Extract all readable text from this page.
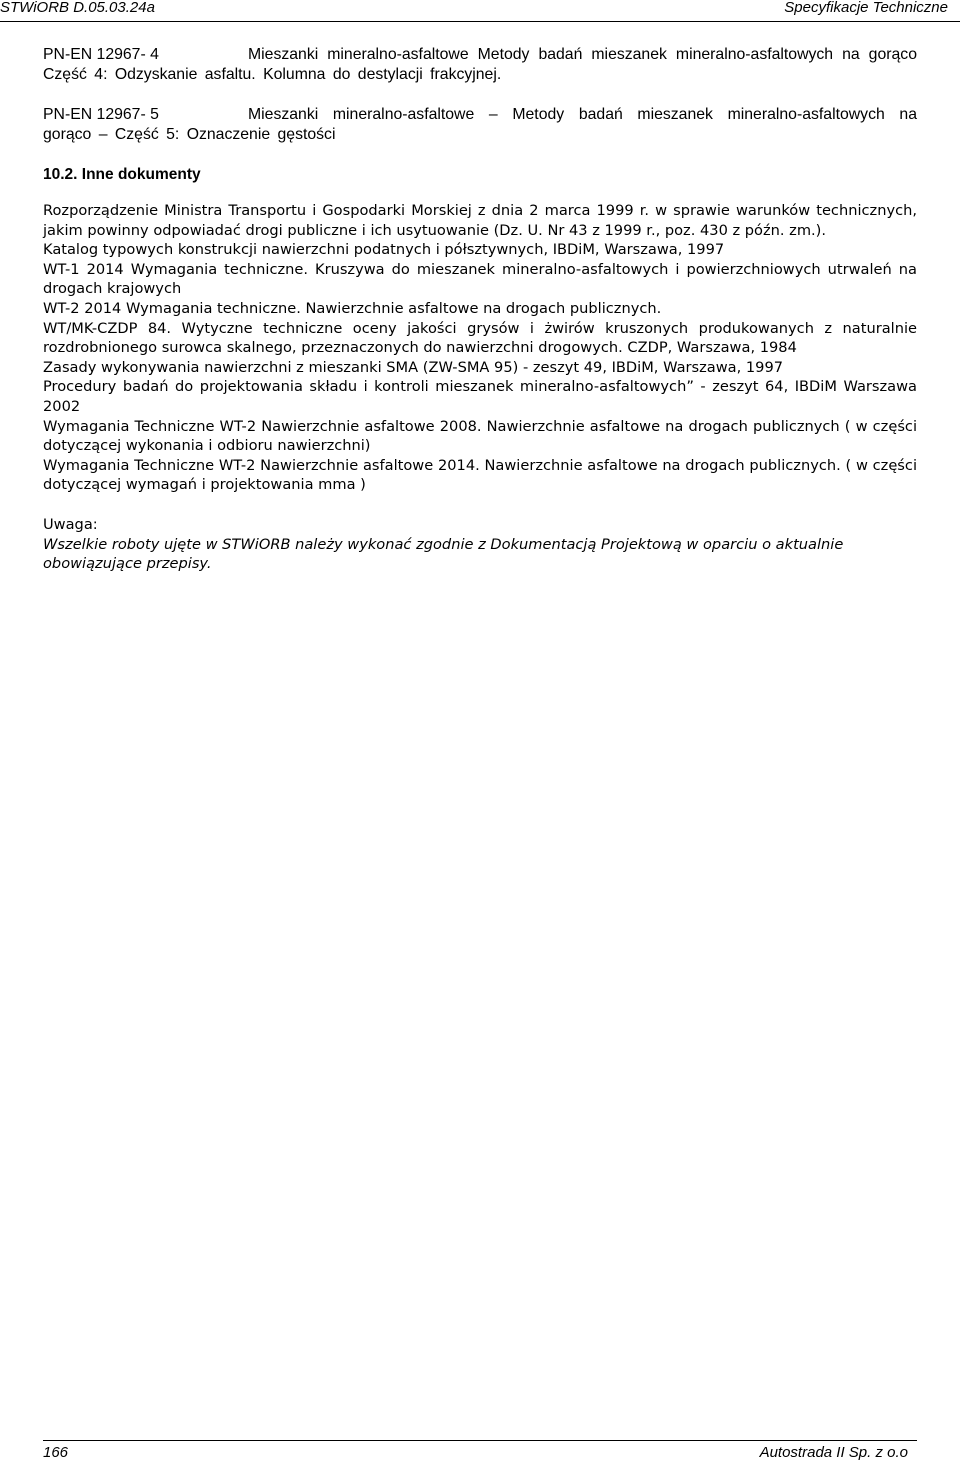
STWiORB D.05.03.24a	Specyfikacje Techniczne

PN-EN 12967- 4	Mieszanki mineralno-asfaltowe Metody badań mieszanek mineralno-asfaltowych na gorąco Część 4: Odzyskanie asfaltu. Kolumna do destylacji frakcyjnej.

PN-EN 12967- 5	Mieszanki mineralno-asfaltowe – Metody badań mieszanek mineralno-asfaltowych na gorąco – Część 5: Oznaczenie gęstości

10.2. Inne dokumenty

Rozporządzenie Ministra Transportu i Gospodarki Morskiej z dnia 2 marca 1999 r. w sprawie warunków technicznych, jakim powinny odpowiadać drogi publiczne i ich usytuowanie (Dz. U. Nr 43 z 1999 r., poz. 430 z późn. zm.).

Katalog typowych konstrukcji nawierzchni podatnych i półsztywnych, IBDiM, Warszawa, 1997

WT-1 2014 Wymagania techniczne. Kruszywa do mieszanek mineralno-asfaltowych i powierzchniowych utrwaleń na drogach krajowych

WT-2 2014 Wymagania techniczne. Nawierzchnie asfaltowe na drogach publicznych.

WT/MK-CZDP 84. Wytyczne techniczne oceny jakości grysów i żwirów kruszonych produkowanych z naturalnie rozdrobnionego surowca skalnego, przeznaczonych do nawierzchni drogowych. CZDP, Warszawa, 1984

Zasady wykonywania nawierzchni z mieszanki SMA (ZW-SMA 95) - zeszyt 49, IBDiM, Warszawa, 1997

Procedury badań do projektowania składu i kontroli mieszanek mineralno-asfaltowych” - zeszyt 64, IBDiM Warszawa 2002

Wymagania Techniczne WT-2 Nawierzchnie asfaltowe 2008. Nawierzchnie asfaltowe na drogach publicznych ( w części dotyczącej wykonania i odbioru nawierzchni)

Wymagania Techniczne WT-2 Nawierzchnie asfaltowe 2014. Nawierzchnie asfaltowe na drogach publicznych. ( w części dotyczącej wymagań i projektowania mma )

Uwaga:

Wszelkie roboty ujęte w STWiORB należy wykonać zgodnie z Dokumentacją Projektową w oparciu o aktualnie obowiązujące przepisy.

166	Autostrada II Sp. z o.o
